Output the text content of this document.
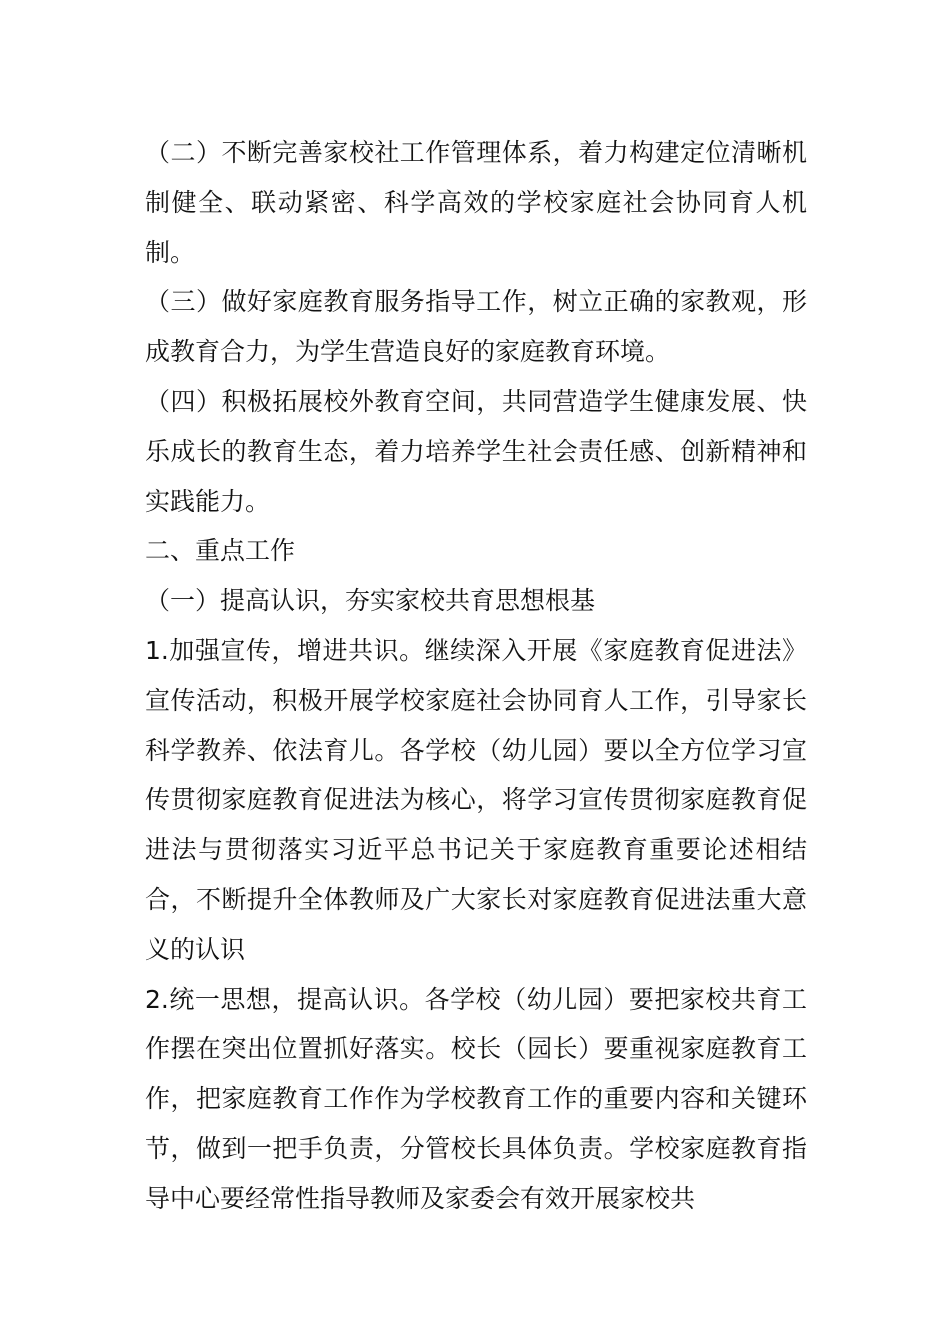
（二）不断完善家校社工作管理体系，着力构建定位清晰机制健全、联动紧密、科学高效的学校家庭社会协同育人机制。

（三）做好家庭教育服务指导工作，树立正确的家教观，形成教育合力，为学生营造良好的家庭教育环境。

（四）积极拓展校外教育空间，共同营造学生健康发展、快乐成长的教育生态，着力培养学生社会责任感、创新精神和实践能力。

二、重点工作

（一）提高认识，夯实家校共育思想根基

1.加强宣传，增进共识。继续深入开展《家庭教育促进法》宣传活动，积极开展学校家庭社会协同育人工作，引导家长科学教养、依法育儿。各学校（幼儿园）要以全方位学习宣传贯彻家庭教育促进法为核心，将学习宣传贯彻家庭教育促进法与贯彻落实习近平总书记关于家庭教育重要论述相结合，不断提升全体教师及广大家长对家庭教育促进法重大意义的认识

2.统一思想，提高认识。各学校（幼儿园）要把家校共育工作摆在突出位置抓好落实。校长（园长）要重视家庭教育工作，把家庭教育工作作为学校教育工作的重要内容和关键环节，做到一把手负责，分管校长具体负责。学校家庭教育指导中心要经常性指导教师及家委会有效开展家校共
